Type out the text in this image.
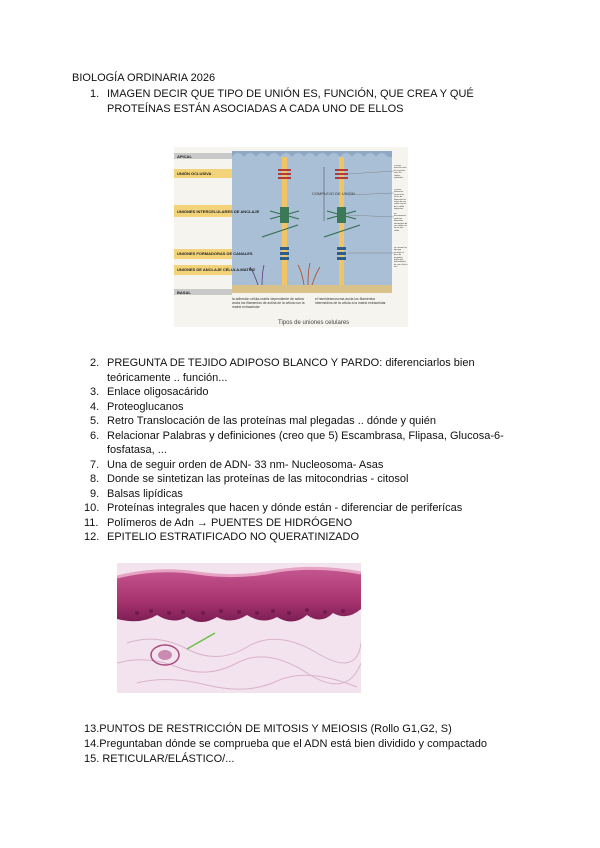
BIOLOGÍA ORDINARIA 2026
1. IMAGEN DECIR QUE TIPO DE UNIÓN ES, FUNCIÓN, QUE CREA Y QUÉ PROTEÍNAS ESTÁN ASOCIADAS A CADA UNO DE ELLOS
APICAL
UNIÓN OCLUSIVA
UNIONES INTERCELULARES DE ANCLAJE
UNIONES FORMADORAS DE CANALES
UNIONES DE ANCLAJE CÉLULA-MATRIZ
BASAL
COMPLEJO DE UNIÓN
la unión estrecha sella los espacios entre las células epiteliales
la unión adherente conecta los haces de filamentos de actina de una célula con los de la célula adyacente
los desmosomas conectan filamentos intermedios de una célula con los de otra célula
las uniones de tipo gap permiten el paso de pequeñas moléculas hidrosolubles de una célula a otra
la adhesión célula-matriz dependiente de actina ancla los filamentos de actina de la célula con la matriz extracelular
el hemidesmosoma ancla los filamentos intermedios de la célula a la matriz extracelular
Tipos de uniones celulares
2. PREGUNTA DE TEJIDO ADIPOSO BLANCO Y PARDO: diferenciarlos bien teóricamente .. función...
3. Enlace oligosacárido
4. Proteoglucanos
5. Retro Translocación de las proteínas mal plegadas .. dónde y quién
6. Relacionar Palabras y definiciones (creo que 5) Escambrasa, Flipasa, Glucosa-6-fosfatasa, ...
7. Una de seguir orden de ADN- 33 nm- Nucleosoma- Asas
8. Donde se sintetizan las proteínas de las mitocondrias - citosol
9. Balsas lipídicas
10. Proteínas integrales que hacen y dónde están - diferenciar de periferícas
11. Polímeros de Adn → PUENTES DE HIDRÓGENO
12. EPITELIO ESTRATIFICADO NO QUERATINIZADO
13.PUNTOS DE RESTRICCIÓN DE MITOSIS Y MEIOSIS (Rollo G1,G2, S)
14.Preguntaban dónde se comprueba que el ADN está bien dividido y compactado
15. RETICULAR/ELÁSTICO/...
